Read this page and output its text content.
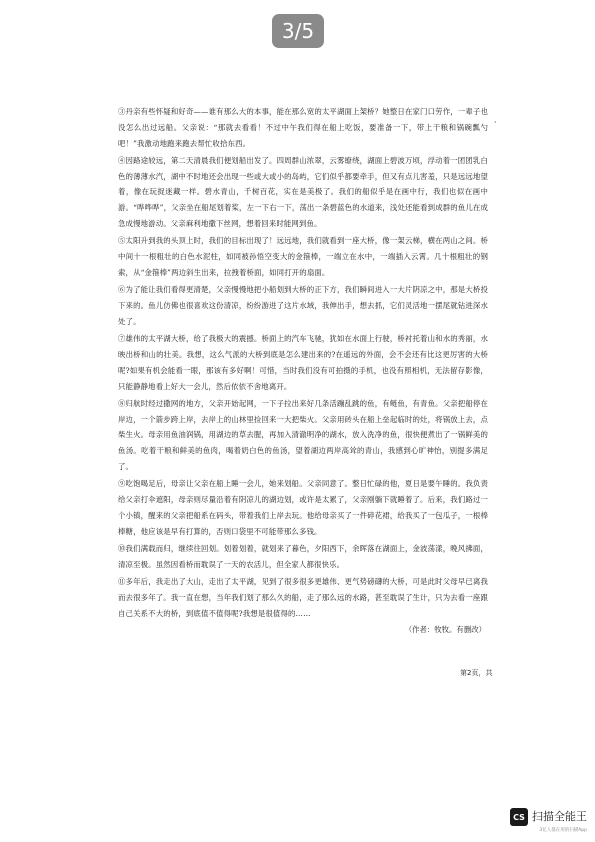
3/5
·

③丹亲有些怀疑和好奇——谁有那么大的本事，能在那么宽的太平湖面上架桥？她整日在家门口劳作，一辈子也没怎么出过远船。父亲说：“那就去看看！不过中午我们得在船上吃饭，要准备一下，带上干粮和锅碗瓢勺吧！”我激动地跑来跑去帮忙收拾东西。

④因路途较远，第二天清晨我们便划船出发了。四周群山浓翠，云雾缭绕，湖面上碧波万顷，浮动着一团团乳白色的薄薄水汽，湖中不时地还会出现一些或大或小的岛屿，它们似乎都要牵手，但又有点儿害羞，只是远远地望着，像在玩捉迷藏一样。碧水青山，千树百花，实在是美极了。我们的船似乎是在画中行，我们也似在画中游。“哗哗哗”，父亲坐在船尾划着桨，左一下右一下，荡出一条碧蓝色的水道来，浅处还能看到成群的鱼儿在成急成慢地游动。父亲麻利地撒下丝网，想着回来时能网到鱼。

⑤太阳升到我的头顶上时，我们的目标出现了！远远地，我们就看到一座大桥，像一架云梯，横在两山之间。桥中间十一根粗壮的白色水泥柱，如同被孙悟空变大的金箍棒，一端立在水中，一端插入云霄。几十根粗壮的钢索，从“金箍棒”两边斜生出来，拉拽着桥面，如同打开的扇面。

⑥为了能让我们看得更清楚，父亲慢慢地把小船划到大桥的正下方，我们瞬间进入一大片阴凉之中，那是大桥投下来的。鱼儿仿佛也很喜欢这份清凉，纷纷游进了这片水域，我伸出手，想去抓，它们灵活地一摆尾就钻进深水处了。

⑦雄伟的太平湖大桥，给了我极大的震撼。桥面上的汽车飞驰，犹如在水面上行驶，桥衬托着山和水的秀丽，水映出桥和山的壮美。我想，这么气派的大桥到底是怎么建出来的?在遥远的外面，会不会还有比这更厉害的大桥呢?如果有机会能看一眼，那该有多好啊！可惜，当时我们没有可拍摄的手机，也没有照相机，无法留存影像，只能静静地看上好大一会儿，然后依依不舍地离开。

⑧归航时经过撒网的地方，父亲开始起网，一下子拉出来好几条活蹦乱跳的鱼，有鲢鱼，有青鱼。父亲把船停在岸边，一个箭步跨上岸，去岸上的山林里捡回来一大把柴火。父亲用砖头在船上垒起临时的灶，将锅放上去，点柴生火。母亲用鱼油润锅，用湖边的草去腥，再加入清澈明净的湖水，放入洗净的鱼，很快便煮出了一锅鲜美的鱼汤。吃着干粮和鲜美的鱼肉，喝着奶白色的鱼汤，望着湖边两岸高耸的青山，我感到心旷神怡，别提多满足了。

⑨吃饱喝足后，母亲让父亲在船上睡一会儿，她来划船。父亲同意了。整日忙碌的他，夏日是要午睡的。我负责给父亲打伞遮阳，母亲则尽量沿着有阴凉儿的湖边划，或许是太累了，父亲刚躺下就睡着了。后来，我们路过一个小镇，醒来的父亲把船系在码头，带着我们上岸去玩。他给母亲买了一件碎花裙，给我买了一包瓜子，一根棒棒糖，他应该是早有打算的，否则口袋里不可能带那么多钱。

⑩我们满载而归，继续往回划。划着划着，就划来了暮色，夕阳西下，余晖落在湖面上，金波荡漾，晚风拂面，清凉至极。虽然因看桥而耽误了一天的农活儿，但全家人都很快乐。

⑪多年后，我走出了大山，走出了太平湖，见到了很多很多更雄伟、更气势磅礴的大桥，可是此时父母早已离我而去很多年了。我一直在想，当年我们划了那么久的船，走了那么远的水路，甚至耽误了生计，只为去看一座跟自己关系不大的桥，到底值不值得呢?我想是很值得的……

（作者：牧牧。有删改）
第2页，共
CS 扫描全能王
3亿人都在用的扫描App
